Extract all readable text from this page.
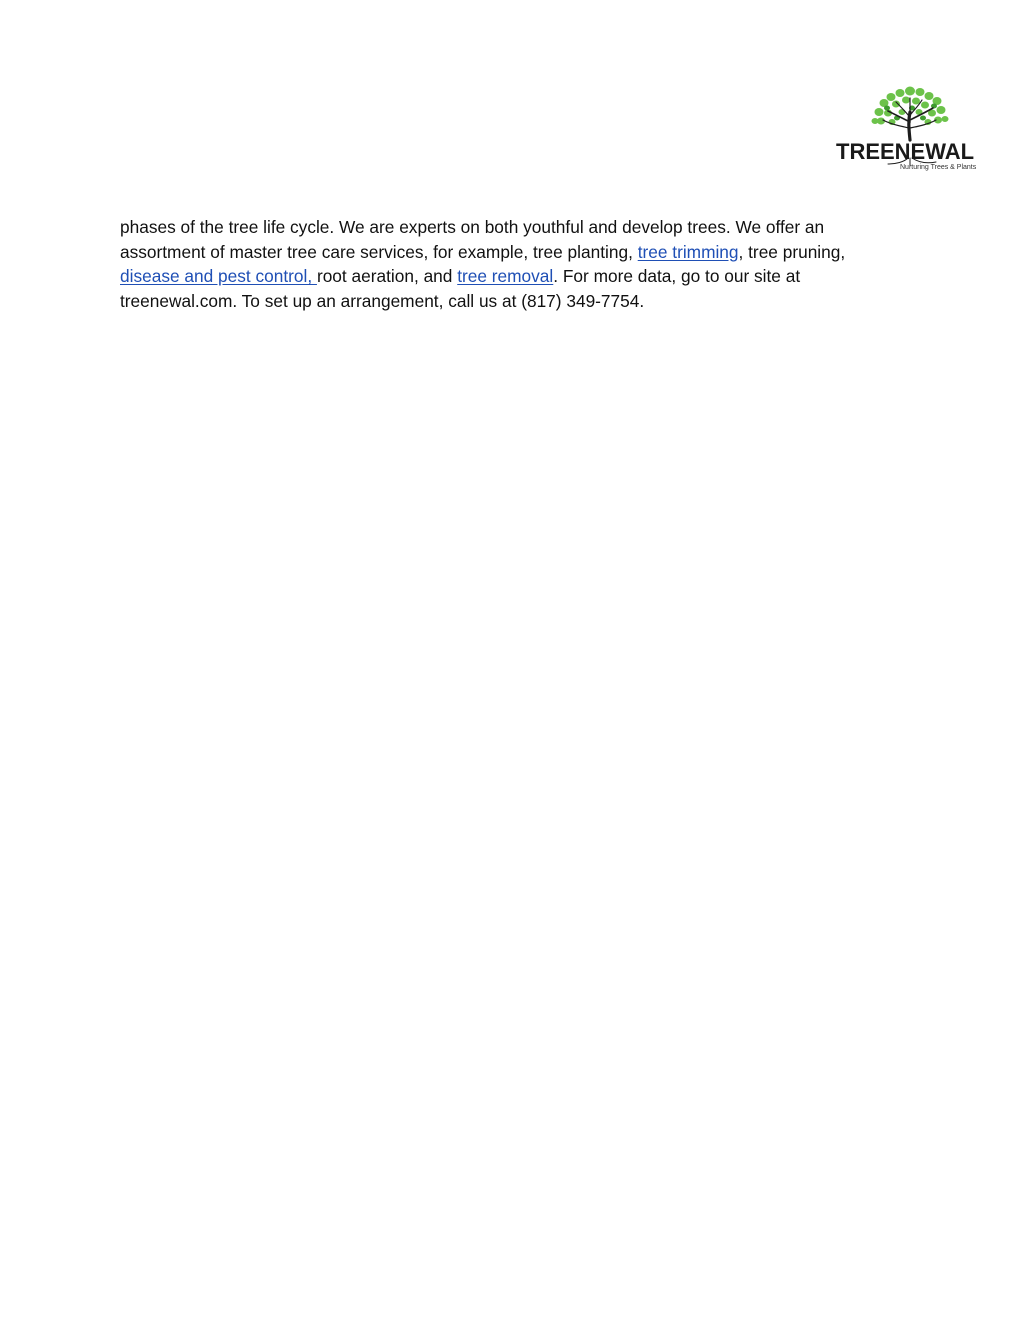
TREENEWAL
Nurturing Trees & Plants

phases of the tree life cycle. We are experts on both youthful and develop trees. We offer an
assortment of master tree care services, for example, tree planting, tree trimming, tree pruning,
disease and pest control, root aeration, and tree removal. For more data, go to our site at
treenewal.com. To set up an arrangement, call us at (817) 349-7754.
